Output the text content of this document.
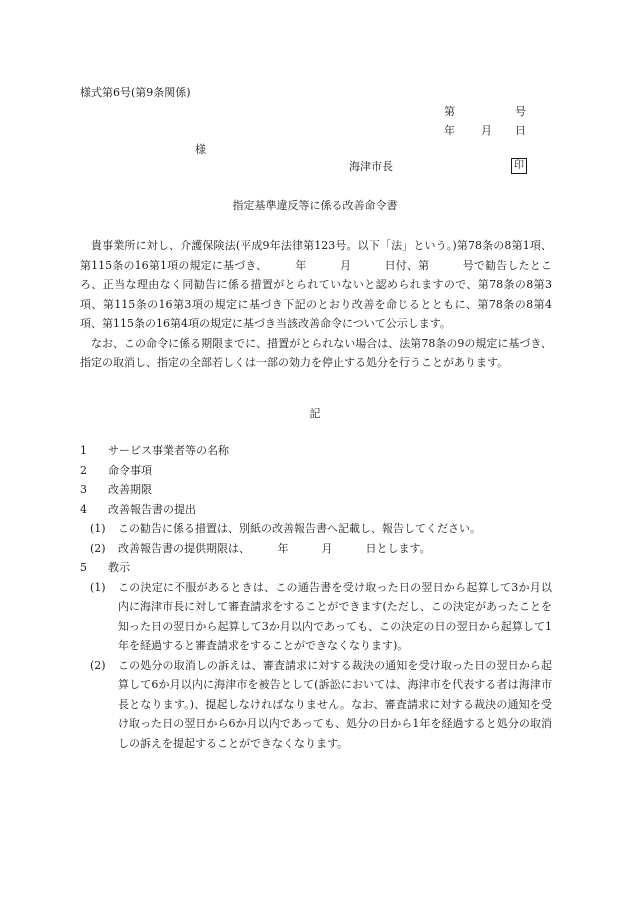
様式第6号(第9条関係)
第	号
年 月 日
様
海津市長	印
指定基準違反等に係る改善命令書

貴事業所に対し、介護保険法(平成9年法律第123号。以下「法」という。)第78条の8第1項、第115条の16第1項の規定に基づき、　　　年　　　月　　　日付、第　　　号で勧告したところ、正当な理由なく同勧告に係る措置がとられていないと認められますので、第78条の8第3項、第115条の16第3項の規定に基づき下記のとおり改善を命じるとともに、第78条の8第4項、第115条の16第4項の規定に基づき当該改善命令について公示します。

なお、この命令に係る期限までに、措置がとられない場合は、法第78条の9の規定に基づき、指定の取消し、指定の全部若しくは一部の効力を停止する処分を行うことがあります。

記
1	サービス事業者等の名称
2	命令事項
3	改善期限
4	改善報告書の提出
(1)	この勧告に係る措置は、別紙の改善報告書へ記載し、報告してください。
(2)	改善報告書の提供期限は、　　　年　　　月　　　日とします。
5	教示
(1)	この決定に不服があるときは、この通告書を受け取った日の翌日から起算して3か月以内に海津市長に対して審査請求をすることができます(ただし、この決定があったことを知った日の翌日から起算して3か月以内であっても、この決定の日の翌日から起算して1年を経過すると審査請求をすることができなくなります)。
(2)	この処分の取消しの訴えは、審査請求に対する裁決の通知を受け取った日の翌日から起算して6か月以内に海津市を被告として(訴訟においては、海津市を代表する者は海津市長となります。)、提起しなければなりません。なお、審査請求に対する裁決の通知を受け取った日の翌日から6か月以内であっても、処分の日から1年を経過すると処分の取消しの訴えを提起することができなくなります。
